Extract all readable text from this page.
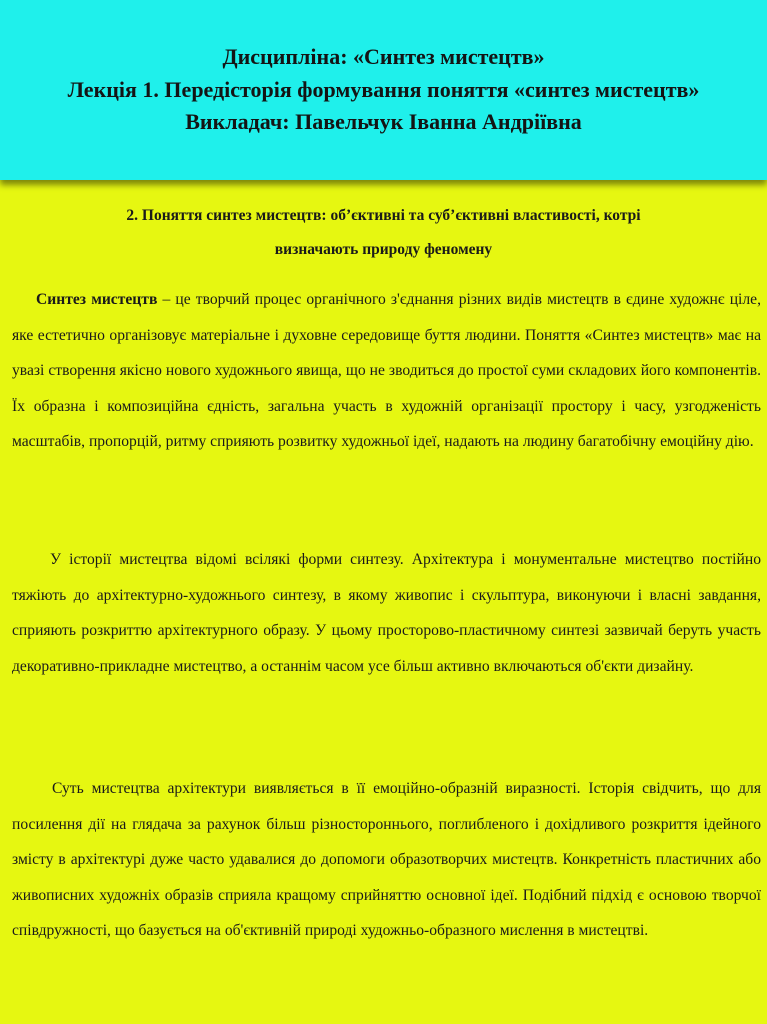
Дисципліна: «Синтез мистецтв»
Лекція 1. Передісторія формування поняття «синтез мистецтв»
Викладач: Павельчук Іванна Андріївна
2. Поняття синтез мистецтв: об’єктивні та суб’єктивні властивості, котрі
визначають природу феномену

Синтез мистецтв – це творчий процес органічного з'єднання різних видів мистецтв в єдине художнє ціле, яке естетично організовує матеріальне і духовне середовище буття людини. Поняття «Синтез мистецтв» має на увазі створення якісно нового художнього явища, що не зводиться до простої суми складових його компонентів. Їх образна і композиційна єдність, загальна участь в художній організації простору і часу, узгодженість масштабів, пропорцій, ритму сприяють розвитку художньої ідеї, надають на людину багатобічну емоційну дію.

У історії мистецтва відомі всілякі форми синтезу. Архітектура і монументальне мистецтво постійно тяжіють до архітектурно-художнього синтезу, в якому живопис і скульптура, виконуючи і власні завдання, сприяють розкриттю архітектурного образу. У цьому просторово-пластичному синтезі зазвичай беруть участь декоративно-прикладне мистецтво, а останнім часом усе більш активно включаються об'єкти дизайну.

Суть мистецтва архітектури виявляється в її емоційно-образній виразності. Історія свідчить, що для посилення дії на глядача за рахунок більш різностороннього, поглибленого і дохідливого розкриття ідейного змісту в архітектурі дуже часто удавалися до допомоги образотворчих мистецтв. Конкретність пластичних або живописних художніх образів сприяла кращому сприйняттю основної ідеї. Подібний підхід є основою творчої співдружності, що базується на об'єктивній природі художньо-образного мислення в мистецтві.
